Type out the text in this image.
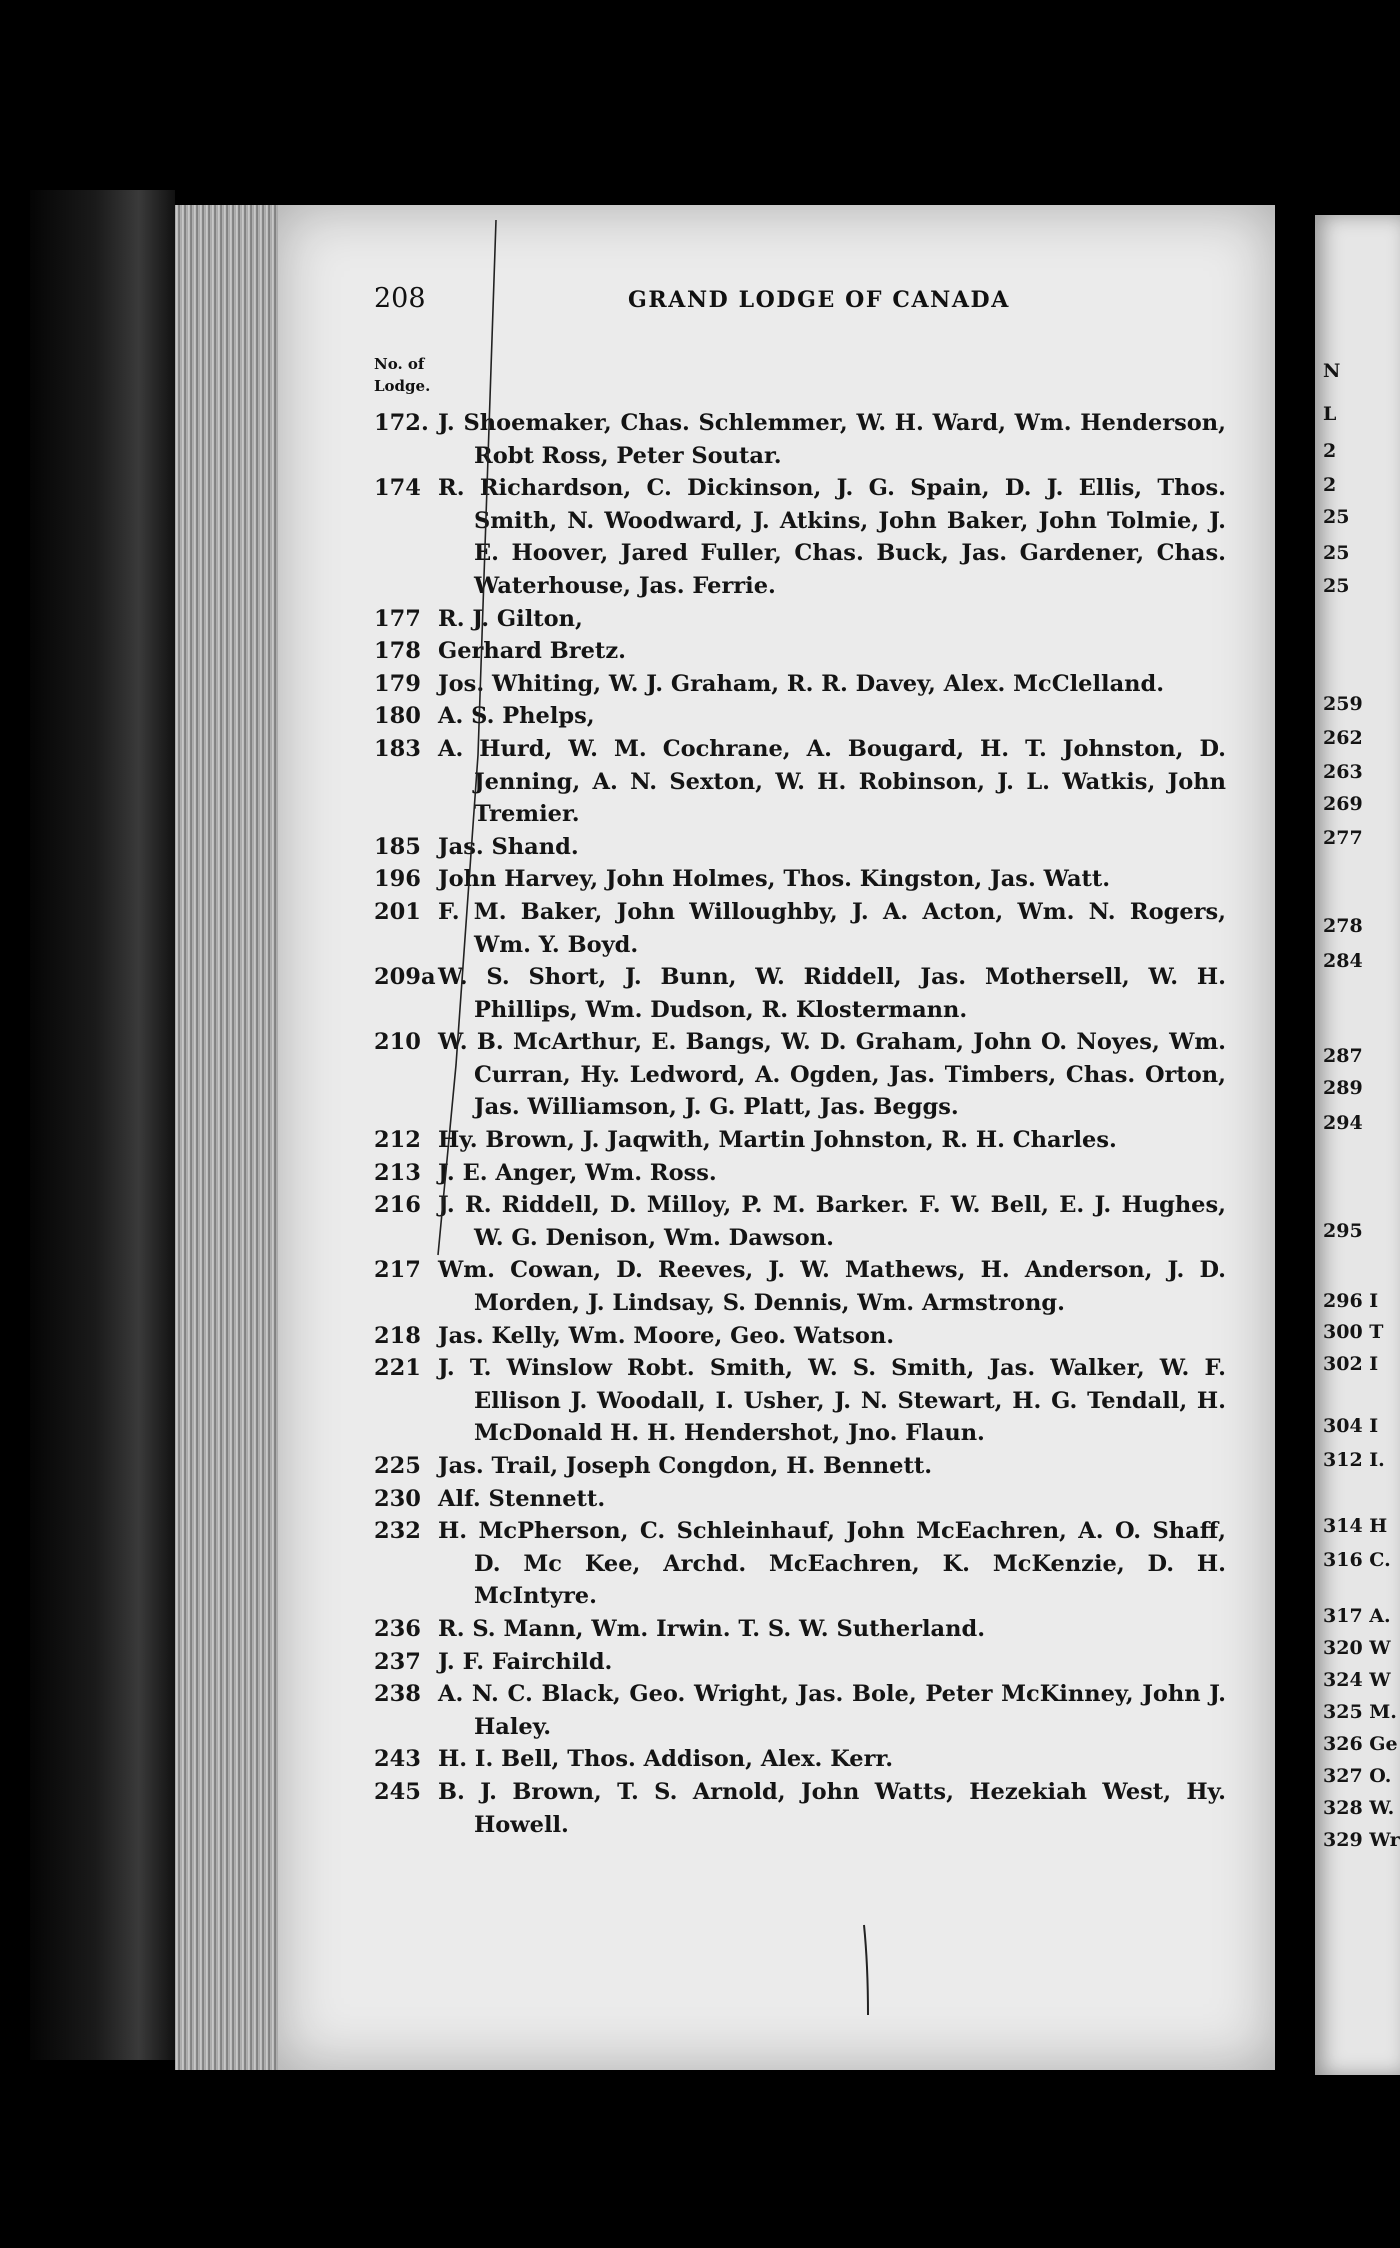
208	GRAND LODGE OF CANADA
No. of
Lodge.
172. J. Shoemaker, Chas. Schlemmer, W. H. Ward, Wm. Henderson, Robt Ross, Peter Soutar.
174 R. Richardson, C. Dickinson, J. G. Spain, D. J. Ellis, Thos. Smith, N. Woodward, J. Atkins, John Baker, John Tolmie, J. E. Hoover, Jared Fuller, Chas. Buck, Jas. Gardener, Chas. Waterhouse, Jas. Ferrie.
177 R. J. Gilton,
178 Gerhard Bretz.
179 Jos. Whiting, W. J. Graham, R. R. Davey, Alex. McClelland.
180 A. S. Phelps,
183 A. Hurd, W. M. Cochrane, A. Bougard, H. T. Johnston, D. Jenning, A. N. Sexton, W. H. Robinson, J. L. Watkis, John Tremier.
185 Jas. Shand.
196 John Harvey, John Holmes, Thos. Kingston, Jas. Watt.
201 F. M. Baker, John Willoughby, J. A. Acton, Wm. N. Rogers, Wm. Y. Boyd.
209a W. S. Short, J. Bunn, W. Riddell, Jas. Mothersell, W. H. Phillips, Wm. Dudson, R. Klostermann.
210 W. B. McArthur, E. Bangs, W. D. Graham, John O. Noyes, Wm. Curran, Hy. Ledword, A. Ogden, Jas. Timbers, Chas. Orton, Jas. Williamson, J. G. Platt, Jas. Beggs.
212 Hy. Brown, J. Jaqwith, Martin Johnston, R. H. Charles.
213 J. E. Anger, Wm. Ross.
216 J. R. Riddell, D. Milloy, P. M. Barker. F. W. Bell, E. J. Hughes, W. G. Denison, Wm. Dawson.
217 Wm. Cowan, D. Reeves, J. W. Mathews, H. Anderson, J. D. Morden, J. Lindsay, S. Dennis, Wm. Armstrong.
218 Jas. Kelly, Wm. Moore, Geo. Watson.
221 J. T. Winslow Robt. Smith, W. S. Smith, Jas. Walker, W. F. Ellison J. Woodall, I. Usher, J. N. Stewart, H. G. Tendall, H. McDonald H. H. Hendershot, Jno. Flaun.
225 Jas. Trail, Joseph Congdon, H. Bennett.
230 Alf. Stennett.
232 H. McPherson, C. Schleinhauf, John McEachren, A. O. Shaff, D. Mc Kee, Archd. McEachren, K. McKenzie, D. H. McIntyre.
236 R. S. Mann, Wm. Irwin. T. S. W. Sutherland.
237 J. F. Fairchild.
238 A. N. C. Black, Geo. Wright, Jas. Bole, Peter McKinney, John J. Haley.
243 H. I. Bell, Thos. Addison, Alex. Kerr.
245 B. J. Brown, T. S. Arnold, John Watts, Hezekiah West, Hy. Howell.
N
L
2
2
25
25
25
259
262
263
269
277
278
284
287
289
294
295
296 I
300 T
302 I
304 I
312 I.
314 H
316 C.
317 A.
320 W
324 W
325 M.
326 Ge
327 O.
328 W.
329 Wr
